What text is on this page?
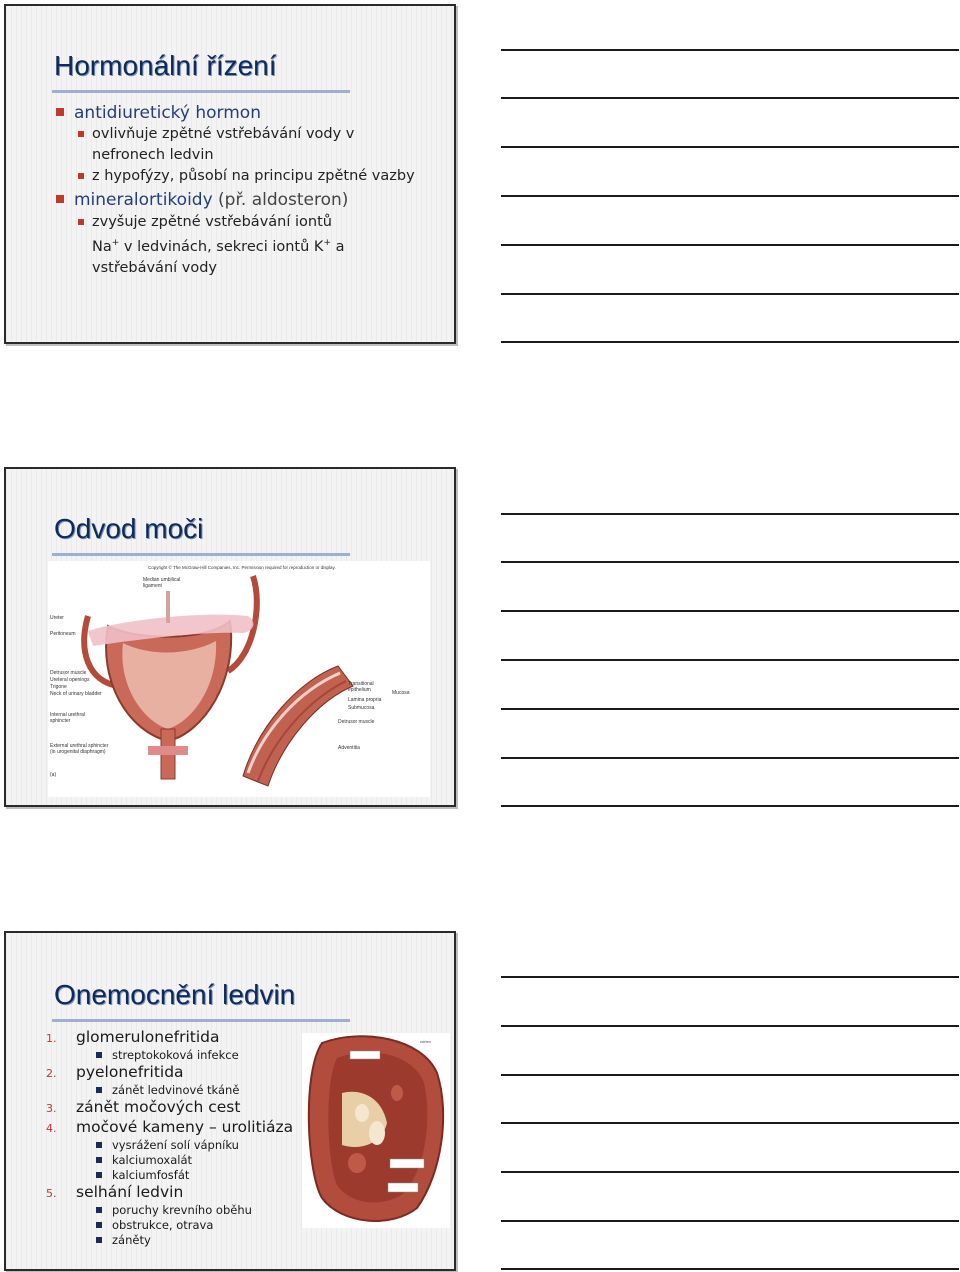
Hormonální řízení
antidiuretický hormon
ovlivňuje zpětné vstřebávání vody v nefronech ledvin
z hypofýzy, působí na principu zpětné vazby
mineralortikoidy (př. aldosteron)
zvyšuje zpětné vstřebávání iontů
Na+ v ledvinách, sekreci iontů K+ a
vstřebávání vody
Odvod moči
Copyright © The McGraw-Hill Companies, Inc. Permission required for reproduction or display.
Median umbilical
ligament
Ureter
Peritoneum
Detrusor muscle
Ureteral openings
Trigone
Neck of urinary bladder
Internal urethral
sphincter
External urethral sphincter
(in urogenital diaphragm)
Transitional
epithelium
Lamina propria
Submucosa
Mucosa
Detrusor muscle
Adventitia
(a)
Onemocnění ledvin
1. glomerulonefritida
streptokoková infekce
2. pyelonefritida
zánět ledvinové tkáně
3. zánět močových cest
4. močové kameny – urolitiáza
vysrážení solí vápníku
kalciumoxalát
kalciumfosfát
5. selhání ledvin
poruchy krevního oběhu
obstrukce, otrava
záněty
cortex
